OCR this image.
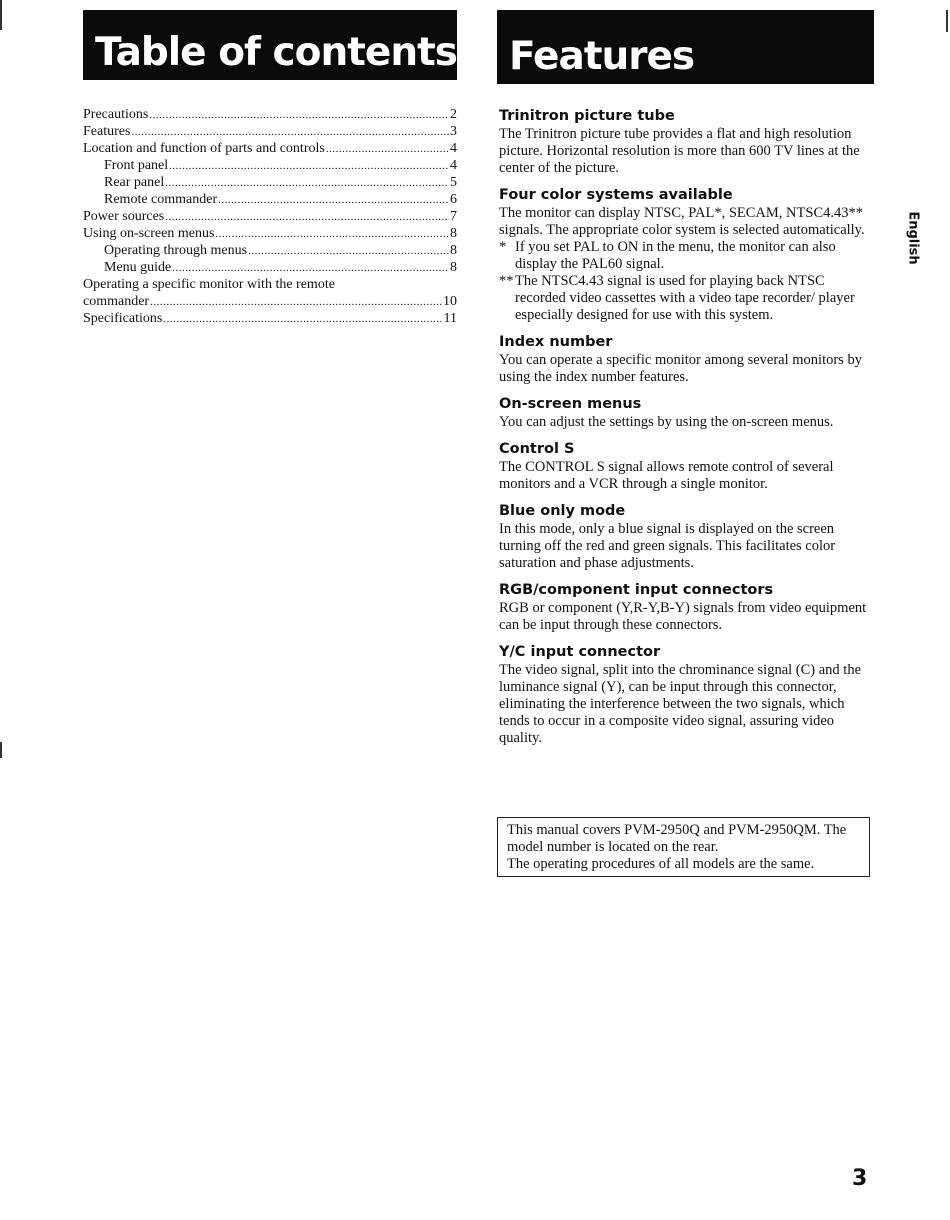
Table of contents
Precautions .....	2
Features .....	3
Location and function of parts and controls .....	4
Front panel .....	4
Rear panel .....	5
Remote commander .....	6
Power sources .....	7
Using on-screen menus .....	8
Operating through menus .....	8
Menu guide .....	8
Operating a specific monitor with the remote
commander .....	10
Specifications .....	11
Features
Trinitron picture tube

The Trinitron picture tube provides a flat and high resolution picture. Horizontal resolution is more than 600 TV lines at the center of the picture.

Four color systems available

The monitor can display NTSC, PAL*, SECAM, NTSC4.43** signals. The appropriate color system is selected automatically.

* If you set PAL to ON in the menu, the monitor can also display the PAL60 signal.
** The NTSC4.43 signal is used for playing back NTSC recorded video cassettes with a video tape recorder/ player especially designed for use with this system.
Index number

You can operate a specific monitor among several monitors by using the index number features.

On-screen menus

You can adjust the settings by using the on-screen menus.

Control S

The CONTROL S signal allows remote control of several monitors and a VCR through a single monitor.

Blue only mode

In this mode, only a blue signal is displayed on the screen turning off the red and green signals. This facilitates color saturation and phase adjustments.

RGB/component input connectors

RGB or component (Y,R-Y,B-Y) signals from video equipment can be input through these connectors.

Y/C input connector

The video signal, split into the chrominance signal (C) and the luminance signal (Y), can be input through this connector, eliminating the interference between the two signals, which tends to occur in a composite video signal, assuring video quality.

This manual covers PVM-2950Q and PVM-2950QM. The model number is located on the rear.

The operating procedures of all models are the same.

English
3
